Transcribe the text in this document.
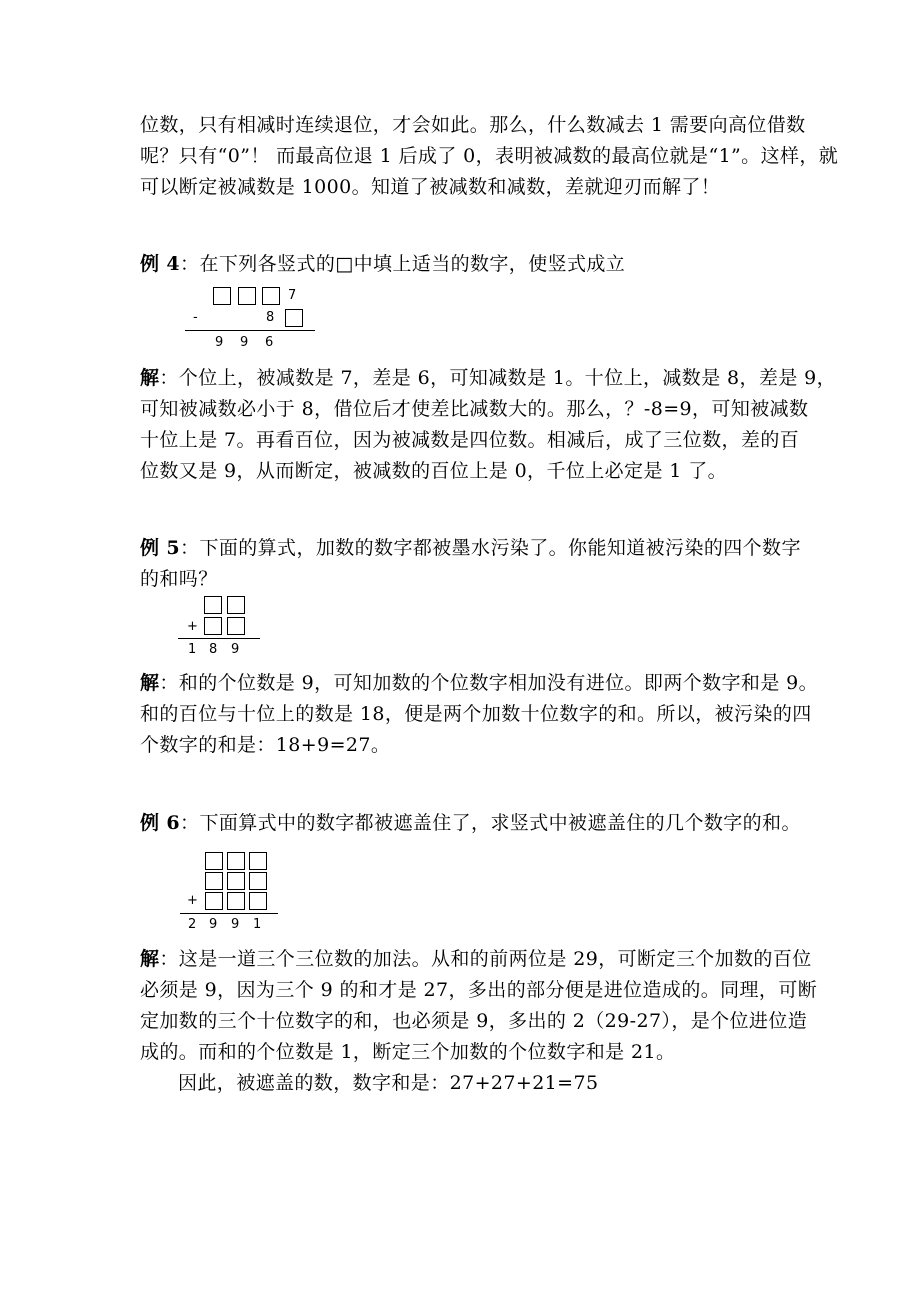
位数，只有相减时连续退位，才会如此。那么，什么数减去 1 需要向高位借数

呢？只有“0”！ 而最高位退 1 后成了 0，表明被减数的最高位就是“1”。这样，就

可以断定被减数是 1000。知道了被减数和减数，差就迎刃而解了！

例 4：在下列各竖式的□中填上适当的数字，使竖式成立

7
-	8
9 9 6

解：个位上，被减数是 7，差是 6，可知减数是 1。十位上，减数是 8，差是 9，

可知被减数必小于 8，借位后才使差比减数大的。那么，？-8=9，可知被减数

十位上是 7。再看百位，因为被减数是四位数。相减后，成了三位数，差的百

位数又是 9，从而断定，被减数的百位上是 0，千位上必定是 1 了。

例 5：下面的算式，加数的数字都被墨水污染了。你能知道被污染的四个数字

的和吗？

+
1 8 9

解：和的个位数是 9，可知加数的个位数字相加没有进位。即两个数字和是 9。

和的百位与十位上的数是 18，便是两个加数十位数字的和。所以，被污染的四

个数字的和是：18+9=27。

例 6：下面算式中的数字都被遮盖住了，求竖式中被遮盖住的几个数字的和。

+
2 9 9 1

解：这是一道三个三位数的加法。从和的前两位是 29，可断定三个加数的百位

必须是 9，因为三个 9 的和才是 27，多出的部分便是进位造成的。同理，可断

定加数的三个十位数字的和，也必须是 9，多出的 2（29-27），是个位进位造

成的。而和的个位数是 1，断定三个加数的个位数字和是 21。

因此，被遮盖的数，数字和是：27+27+21=75
